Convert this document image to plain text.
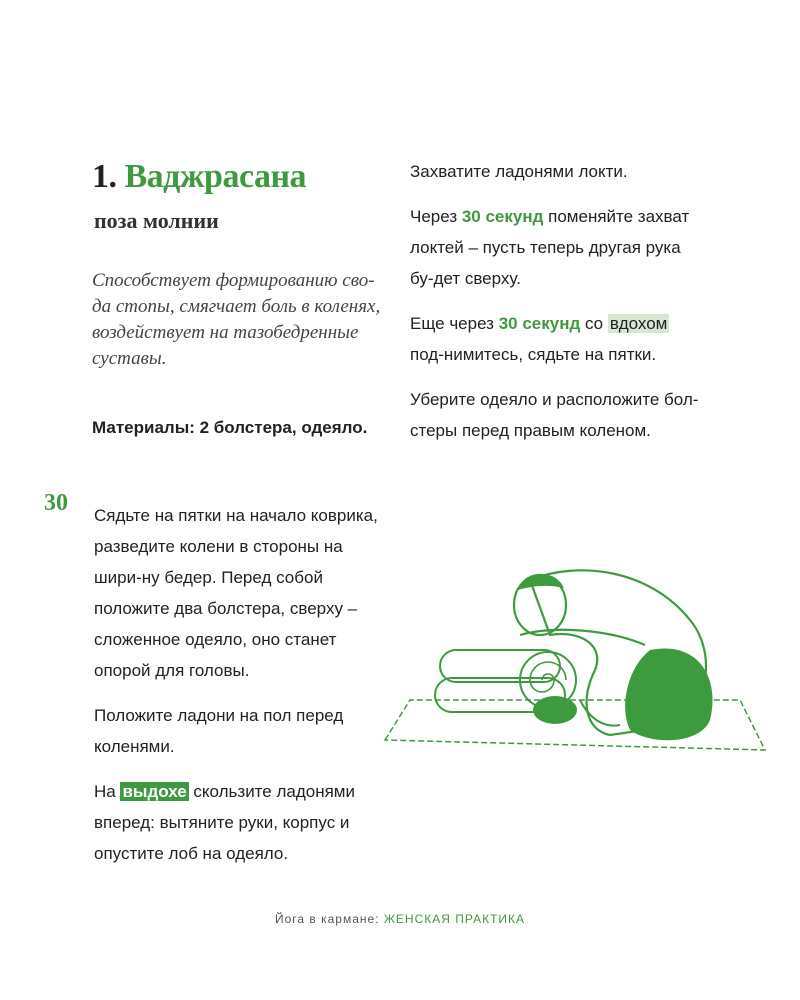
1. Ваджрасана
поза молнии
Способствует формированию сво-да стопы, смягчает боль в коленях, воздействует на тазобедренные суставы.
Материалы: 2 болстера, одеяло.
30 Сядьте на пятки на начало коврика, разведите колени в стороны на шири-ну бедер. Перед собой положите два болстера, сверху – сложенное одеяло, оно станет опорой для головы.

Положите ладони на пол перед коленями.

На выдохе скользите ладонями вперед: вытяните руки, корпус и опустите лоб на одеяло.

Захватите ладонями локти.

Через 30 секунд поменяйте захват локтей – пусть теперь другая рука бу-дет сверху.

Еще через 30 секунд со вдохом под-нимитесь, сядьте на пятки.

Уберите одеяло и расположите бол-стеры перед правым коленом.

Йога в кармане: ЖЕНСКАЯ ПРАКТИКА
